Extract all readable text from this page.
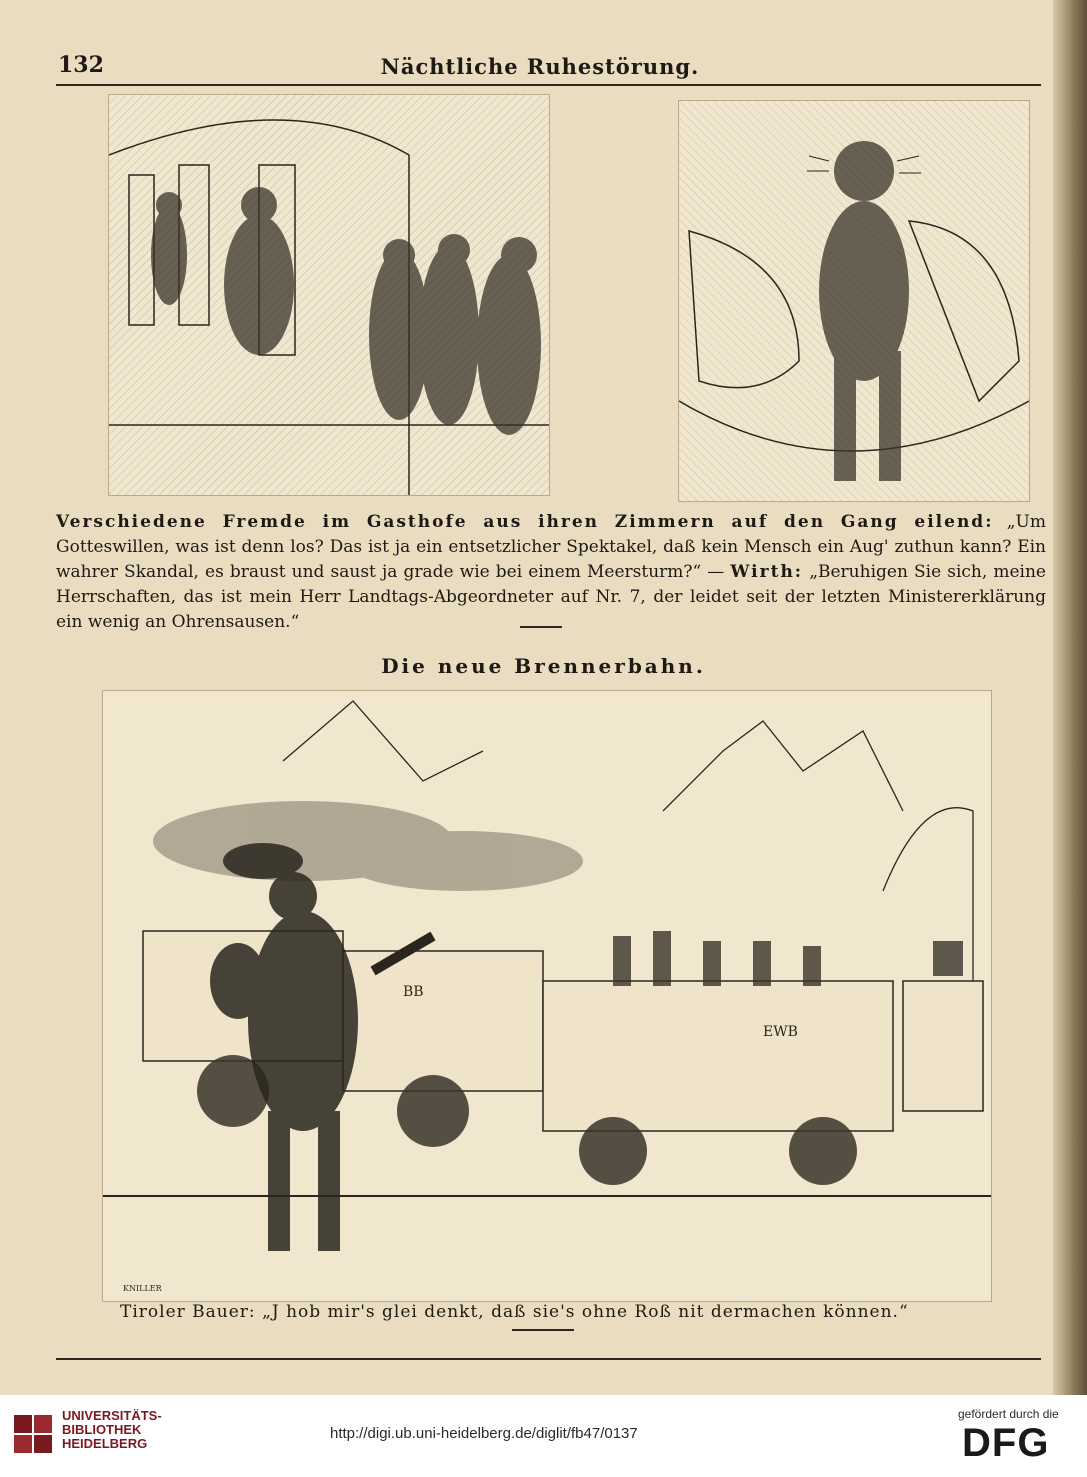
132	Nächtliche Ruhestörung.
Verschiedene Fremde im Gasthofe aus ihren Zimmern auf den Gang eilend: „Um Gotteswillen, was ist denn los? Das ist ja ein entsetzlicher Spektakel, daß kein Mensch ein Aug' zuthun kann? Ein wahrer Skandal, es braust und saust ja grade wie bei einem Meersturm?“ — Wirth: „Beruhigen Sie sich, meine Herrschaften, das ist mein Herr Landtags-Abgeordneter auf Nr. 7, der leidet seit der letzten Ministererklärung ein wenig an Ohrensausen.“
Die neue Brennerbahn.
BB
EWB
KNILLER
Tiroler Bauer: „J hob mir's glei denkt, daß sie's ohne Roß nit dermachen können.“
UNIVERSITÄTS-
BIBLIOTHEK
HEIDELBERG
http://digi.ub.uni-heidelberg.de/diglit/fb47/0137
gefördert durch die
DFG
